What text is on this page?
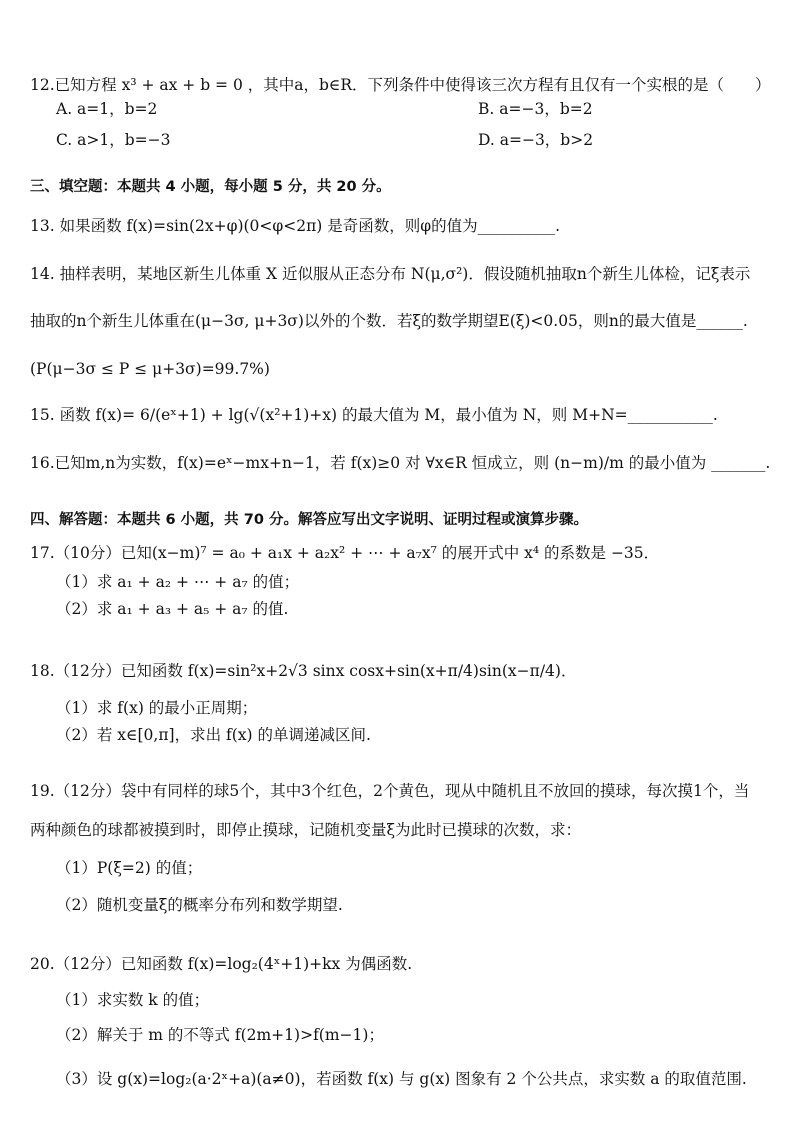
12.已知方程 x³ + ax + b = 0 ，其中a，b∈R．下列条件中使得该三次方程有且仅有一个实根的是（　　）
A. a=1，b=2	B. a=−3，b=2
C. a>1，b=−3	D. a=−3，b>2
三、填空题：本题共 4 小题，每小题 5 分，共 20 分。
13. 如果函数 f(x)=sin(2x+φ)(0<φ<2π) 是奇函数，则φ的值为__________.
14. 抽样表明，某地区新生儿体重 X 近似服从正态分布 N(μ,σ²)．假设随机抽取n个新生儿体检，记ξ表示
抽取的n个新生儿体重在(μ−3σ, μ+3σ)以外的个数．若ξ的数学期望E(ξ)<0.05，则n的最大值是______.
(P(μ−3σ ≤ P ≤ μ+3σ)=99.7%)
15. 函数 f(x)= 6/(eˣ+1) + lg(√(x²+1)+x) 的最大值为 M，最小值为 N，则 M+N=___________.
16.已知m,n为实数，f(x)=eˣ−mx+n−1，若 f(x)≥0 对 ∀x∈R 恒成立，则 (n−m)/m 的最小值为 _______.
四、解答题：本题共 6 小题，共 70 分。解答应写出文字说明、证明过程或演算步骤。
17.（10分）已知(x−m)⁷ = a₀ + a₁x + a₂x² + ⋯ + a₇x⁷ 的展开式中 x⁴ 的系数是 −35．
（1）求 a₁ + a₂ + ⋯ + a₇ 的值；
（2）求 a₁ + a₃ + a₅ + a₇ 的值.
18.（12分）已知函数 f(x)=sin²x+2√3 sinx cosx+sin(x+π/4)sin(x−π/4)．
（1）求 f(x) 的最小正周期；
（2）若 x∈[0,π]，求出 f(x) 的单调递减区间.
19.（12分）袋中有同样的球5个，其中3个红色，2个黄色，现从中随机且不放回的摸球，每次摸1个，当
两种颜色的球都被摸到时，即停止摸球，记随机变量ξ为此时已摸球的次数，求：
（1）P(ξ=2) 的值；
（2）随机变量ξ的概率分布列和数学期望.
20.（12分）已知函数 f(x)=log₂(4ˣ+1)+kx 为偶函数.
（1）求实数 k 的值；
（2）解关于 m 的不等式 f(2m+1)>f(m−1)；
（3）设 g(x)=log₂(a·2ˣ+a)(a≠0)，若函数 f(x) 与 g(x) 图象有 2 个公共点，求实数 a 的取值范围.
